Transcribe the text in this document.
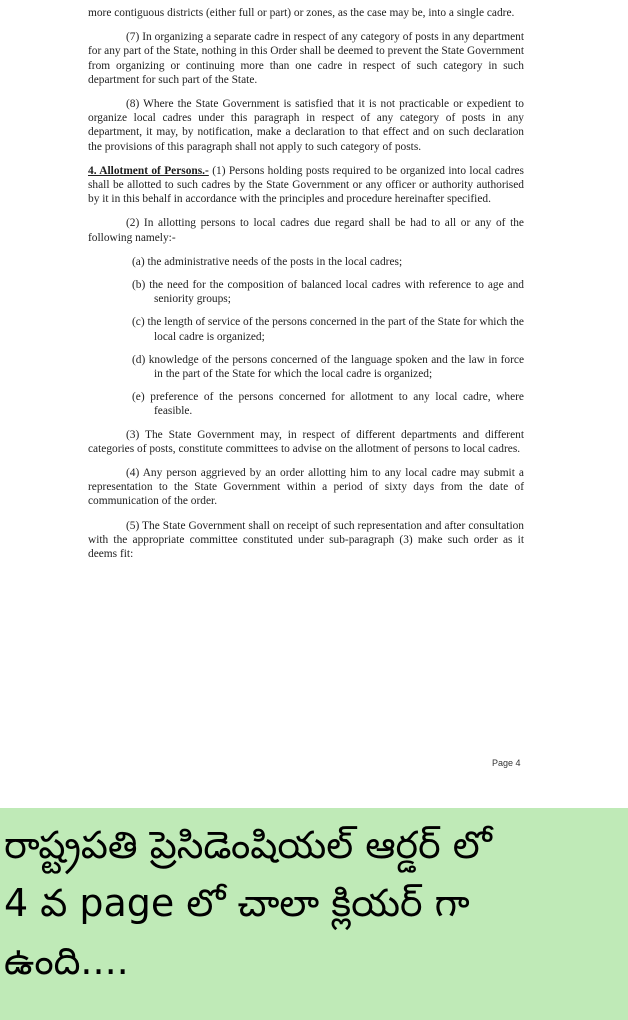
more contiguous districts (either full or part) or zones, as the case may be, into a single cadre.

(7) In organizing a separate cadre in respect of any category of posts in any department for any part of the State, nothing in this Order shall be deemed to prevent the State Government from organizing or continuing more than one cadre in respect of such category in such department for such part of the State.

(8) Where the State Government is satisfied that it is not practicable or expedient to organize local cadres under this paragraph in respect of any category of posts in any department, it may, by notification, make a declaration to that effect and on such declaration the provisions of this paragraph shall not apply to such category of posts.

4. Allotment of Persons.- (1) Persons holding posts required to be organized into local cadres shall be allotted to such cadres by the State Government or any officer or authority authorised by it in this behalf in accordance with the principles and procedure hereinafter specified.

(2) In allotting persons to local cadres due regard shall be had to all or any of the following namely:-

(a) the administrative needs of the posts in the local cadres;

(b) the need for the composition of balanced local cadres with reference to age and seniority groups;

(c) the length of service of the persons concerned in the part of the State for which the local cadre is organized;

(d) knowledge of the persons concerned of the language spoken and the law in force in the part of the State for which the local cadre is organized;

(e) preference of the persons concerned for allotment to any local cadre, where feasible.

(3) The State Government may, in respect of different departments and different categories of posts, constitute committees to advise on the allotment of persons to local cadres.

(4) Any person aggrieved by an order allotting him to any local cadre may submit a representation to the State Government within a period of sixty days from the date of communication of the order.

(5) The State Government shall on receipt of such representation and after consultation with the appropriate committee constituted under sub-paragraph (3) make such order as it deems fit:

Page 4
రాష్ట్రపతి ప్రెసిడెంషియల్ ఆర్డర్ లో
4 వ page లో చాలా క్లియర్ గా
ఉంది....
